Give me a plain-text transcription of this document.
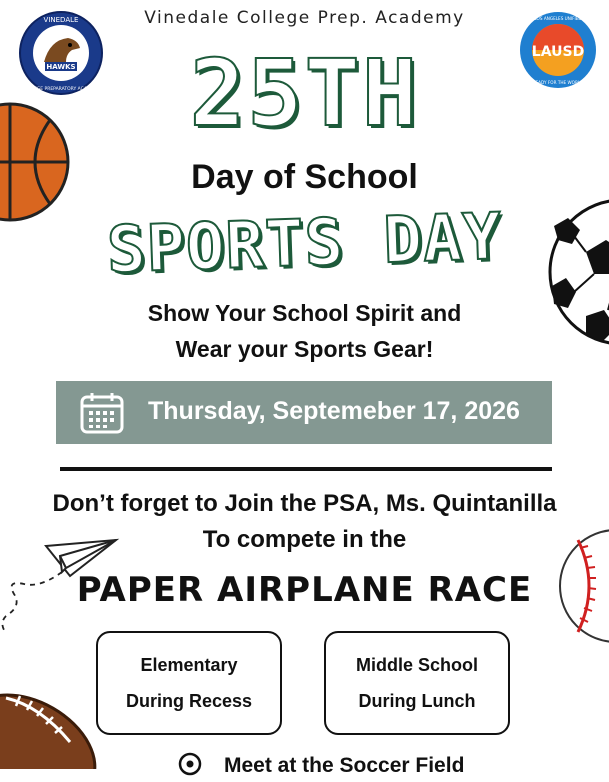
Vinedale College Prep. Academy
HAWKS
VINEDALE
COLLEGE PREPARATORY ACADEMY
LAUSD
LOS ANGELES UNIFIED
READY FOR THE WORLD
25TH
Day of School
SPORTS DAY
Show Your School Spirit and
Wear your Sports Gear!
Thursday, Septemeber 17, 2026
Don’t forget to Join the PSA, Ms. Quintanilla
To compete in the
PAPER AIRPLANE RACE
Elementary
During Recess
Middle School
During Lunch
Meet at the Soccer Field
